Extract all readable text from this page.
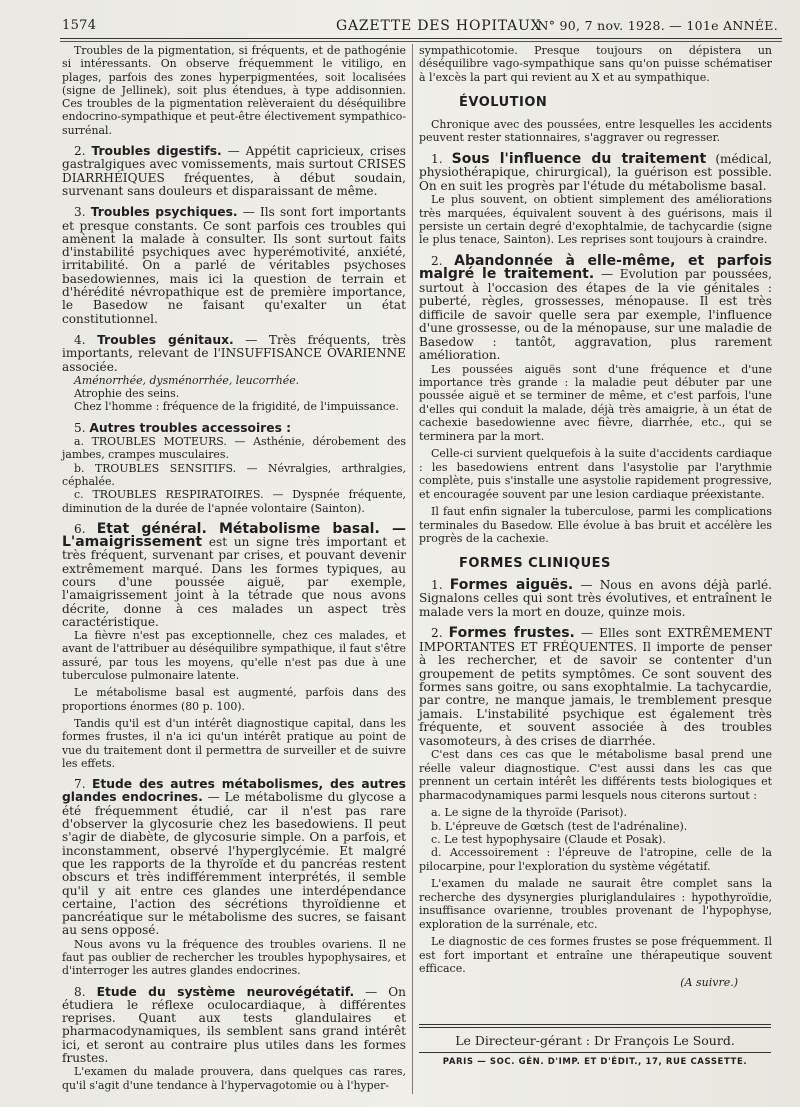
1574	GAZETTE DES HOPITAUX
N° 90, 7 nov. 1928. — 101e ANNÉE.

Troubles de la pigmentation, si fréquents, et de pathogénie si intéressants. On observe fréquemment le vitiligo, en plages, parfois des zones hyperpigmentées, soit localisées (signe de Jellinek), soit plus étendues, à type addisonnien. Ces troubles de la pigmentation relèveraient du déséquilibre endocrino-sympathique et peut-être électivement sympathico-surrénal.

2. Troubles digestifs. — Appétit capricieux, crises gastralgiques avec vomissements, mais surtout CRISES DIARRHÉIQUES fréquentes, à début soudain, survenant sans douleurs et disparaissant de même.
3. Troubles psychiques. — Ils sont fort importants et presque constants. Ce sont parfois ces troubles qui amènent la malade à consulter. Ils sont surtout faits d'instabilité psychiques avec hyperémotivité, anxiété, irritabilité. On a parlé de véritables psychoses basedowiennes, mais ici la question de terrain et d'hérédité névropathique est de première importance, le Basedow ne faisant qu'exalter un état constitutionnel.
4. Troubles génitaux. — Très fréquents, très importants, relevant de l'INSUFFISANCE OVARIENNE associée.

Aménorrhée, dysménorrhée, leucorrhée.

Atrophie des seins.

Chez l'homme : fréquence de la frigidité, de l'impuissance.

5. Autres troubles accessoires :

a. TROUBLES MOTEURS. — Asthénie, dérobement des jambes, crampes musculaires.

b. TROUBLES SENSITIFS. — Névralgies, arthralgies, céphalée.

c. TROUBLES RESPIRATOIRES. — Dyspnée fréquente, diminution de la durée de l'apnée volontaire (Sainton).

6. Etat général. Métabolisme basal. — L'amaigrissement est un signe très important et très fréquent, survenant par crises, et pouvant devenir extrêmement marqué. Dans les formes typiques, au cours d'une poussée aiguë, par exemple, l'amaigrissement joint à la tétrade que nous avons décrite, donne à ces malades un aspect très caractéristique.

La fièvre n'est pas exceptionnelle, chez ces malades, et avant de l'attribuer au déséquilibre sympathique, il faut s'être assuré, par tous les moyens, qu'elle n'est pas due à une tuberculose pulmonaire latente.

Le métabolisme basal est augmenté, parfois dans des proportions énormes (80 p. 100).

Tandis qu'il est d'un intérêt diagnostique capital, dans les formes frustes, il n'a ici qu'un intérêt pratique au point de vue du traitement dont il permettra de surveiller et de suivre les effets.

7. Etude des autres métabolismes, des autres glandes endocrines. — Le métabolisme du glycose a été fréquemment étudié, car il n'est pas rare d'observer la glycosurie chez les basedowiens. Il peut s'agir de diabète, de glycosurie simple. On a parfois, et inconstamment, observé l'hyperglycémie. Et malgré que les rapports de la thyroïde et du pancréas restent obscurs et très indifféremment interprétés, il semble qu'il y ait entre ces glandes une interdépendance certaine, l'action des sécrétions thyroïdienne et pancréatique sur le métabolisme des sucres, se faisant au sens opposé.

Nous avons vu la fréquence des troubles ovariens. Il ne faut pas oublier de rechercher les troubles hypophysaires, et d'interroger les autres glandes endocrines.

8. Etude du système neurovégétatif. — On étudiera le réflexe oculocardiaque, à différentes reprises. Quant aux tests glandulaires et pharmacodynamiques, ils semblent sans grand intérêt ici, et seront au contraire plus utiles dans les formes frustes.

L'examen du malade prouvera, dans quelques cas rares, qu'il s'agit d'une tendance à l'hypervagotomie ou à l'hyper-

sympathicotomie. Presque toujours on dépistera un déséquilibre vago-sympathique sans qu'on puisse schématiser à l'excès la part qui revient au X et au sympathique.

ÉVOLUTION

Chronique avec des poussées, entre lesquelles les accidents peuvent rester stationnaires, s'aggraver ou regresser.

1. Sous l'influence du traitement (médical, physiothérapique, chirurgical), la guérison est possible. On en suit les progrès par l'étude du métabolisme basal.

Le plus souvent, on obtient simplement des améliorations très marquées, équivalent souvent à des guérisons, mais il persiste un certain degré d'exophtalmie, de tachycardie (signe le plus tenace, Sainton). Les reprises sont toujours à craindre.

2. Abandonnée à elle-même, et parfois malgré le traitement. — Evolution par poussées, surtout à l'occasion des étapes de la vie génitales : puberté, règles, grossesses, ménopause. Il est très difficile de savoir quelle sera par exemple, l'influence d'une grossesse, ou de la ménopause, sur une maladie de Basedow : tantôt, aggravation, plus rarement amélioration.

Les poussées aiguës sont d'une fréquence et d'une importance très grande : la maladie peut débuter par une poussée aiguë et se terminer de même, et c'est parfois, l'une d'elles qui conduit la malade, déjà très amaigrie, à un état de cachexie basedowienne avec fièvre, diarrhée, etc., qui se terminera par la mort.

Celle-ci survient quelquefois à la suite d'accidents cardiaque : les basedowiens entrent dans l'asystolie par l'arythmie complète, puis s'installe une asystolie rapidement progressive, et encouragée souvent par une lesion cardiaque préexistante.

Il faut enfin signaler la tuberculose, parmi les complications terminales du Basedow. Elle évolue à bas bruit et accélère les progrès de la cachexie.

FORMES CLINIQUES
1. Formes aiguës. — Nous en avons déjà parlé. Signalons celles qui sont très évolutives, et entraînent le malade vers la mort en douze, quinze mois.
2. Formes frustes. — Elles sont EXTRÊMEMENT IMPORTANTES ET FRÉQUENTES. Il importe de penser à les rechercher, et de savoir se contenter d'un groupement de petits symptômes. Ce sont souvent des formes sans goitre, ou sans exophtalmie. La tachycardie, par contre, ne manque jamais, le tremblement presque jamais. L'instabilité psychique est également très fréquente, et souvent associée à des troubles vasomoteurs, à des crises de diarrhée.

C'est dans ces cas que le métabolisme basal prend une réelle valeur diagnostique. C'est aussi dans les cas que prennent un certain intérêt les différents tests biologiques et pharmacodynamiques parmi lesquels nous citerons surtout :

a. Le signe de la thyroïde (Parisot).

b. L'épreuve de Gœtsch (test de l'adrénaline).

c. Le test hypophysaire (Claude et Posak).

d. Accessoirement : l'épreuve de l'atropine, celle de la pilocarpine, pour l'exploration du système végétatif.

L'examen du malade ne saurait être complet sans la recherche des dysynergies pluriglandulaires : hypothyroïdie, insuffisance ovarienne, troubles provenant de l'hypophyse, exploration de la surrénale, etc.

Le diagnostic de ces formes frustes se pose fréquemment. Il est fort important et entraîne une thérapeutique souvent efficace.

(A suivre.)

Le Directeur-gérant : Dr François Le Sourd.
PARIS — SOC. GÉN. D'IMP. ET D'ÉDIT., 17, RUE CASSETTE.
